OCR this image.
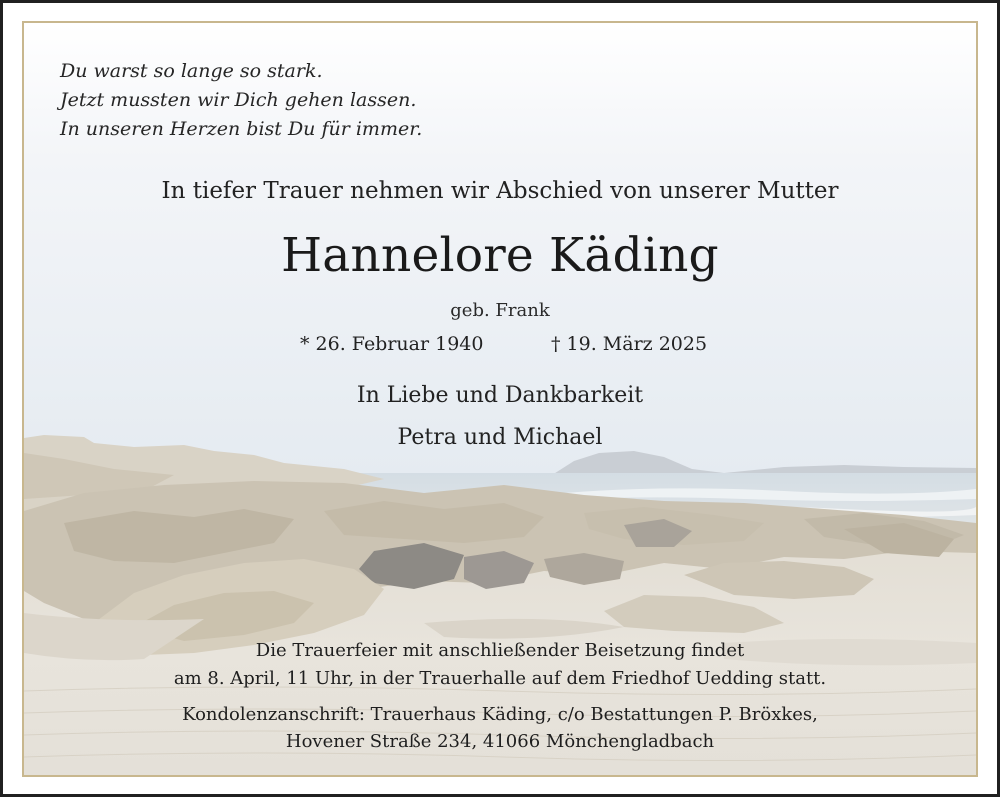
Du warst so lange so stark.
Jetzt mussten wir Dich gehen lassen.
In unseren Herzen bist Du für immer.

In tiefer Trauer nehmen wir Abschied von unserer Mutter

Hannelore Käding

geb. Frank

* 26. Februar 1940	† 19. März 2025

In Liebe und Dankbarkeit

Petra und Michael

Die Trauerfeier mit anschließender Beisetzung findet

am 8. April, 11 Uhr, in der Trauerhalle auf dem Friedhof Uedding statt.

Kondolenzanschrift: Trauerhaus Käding, c/o Bestattungen P. Bröxkes,

Hovener Straße 234, 41066 Mönchengladbach
